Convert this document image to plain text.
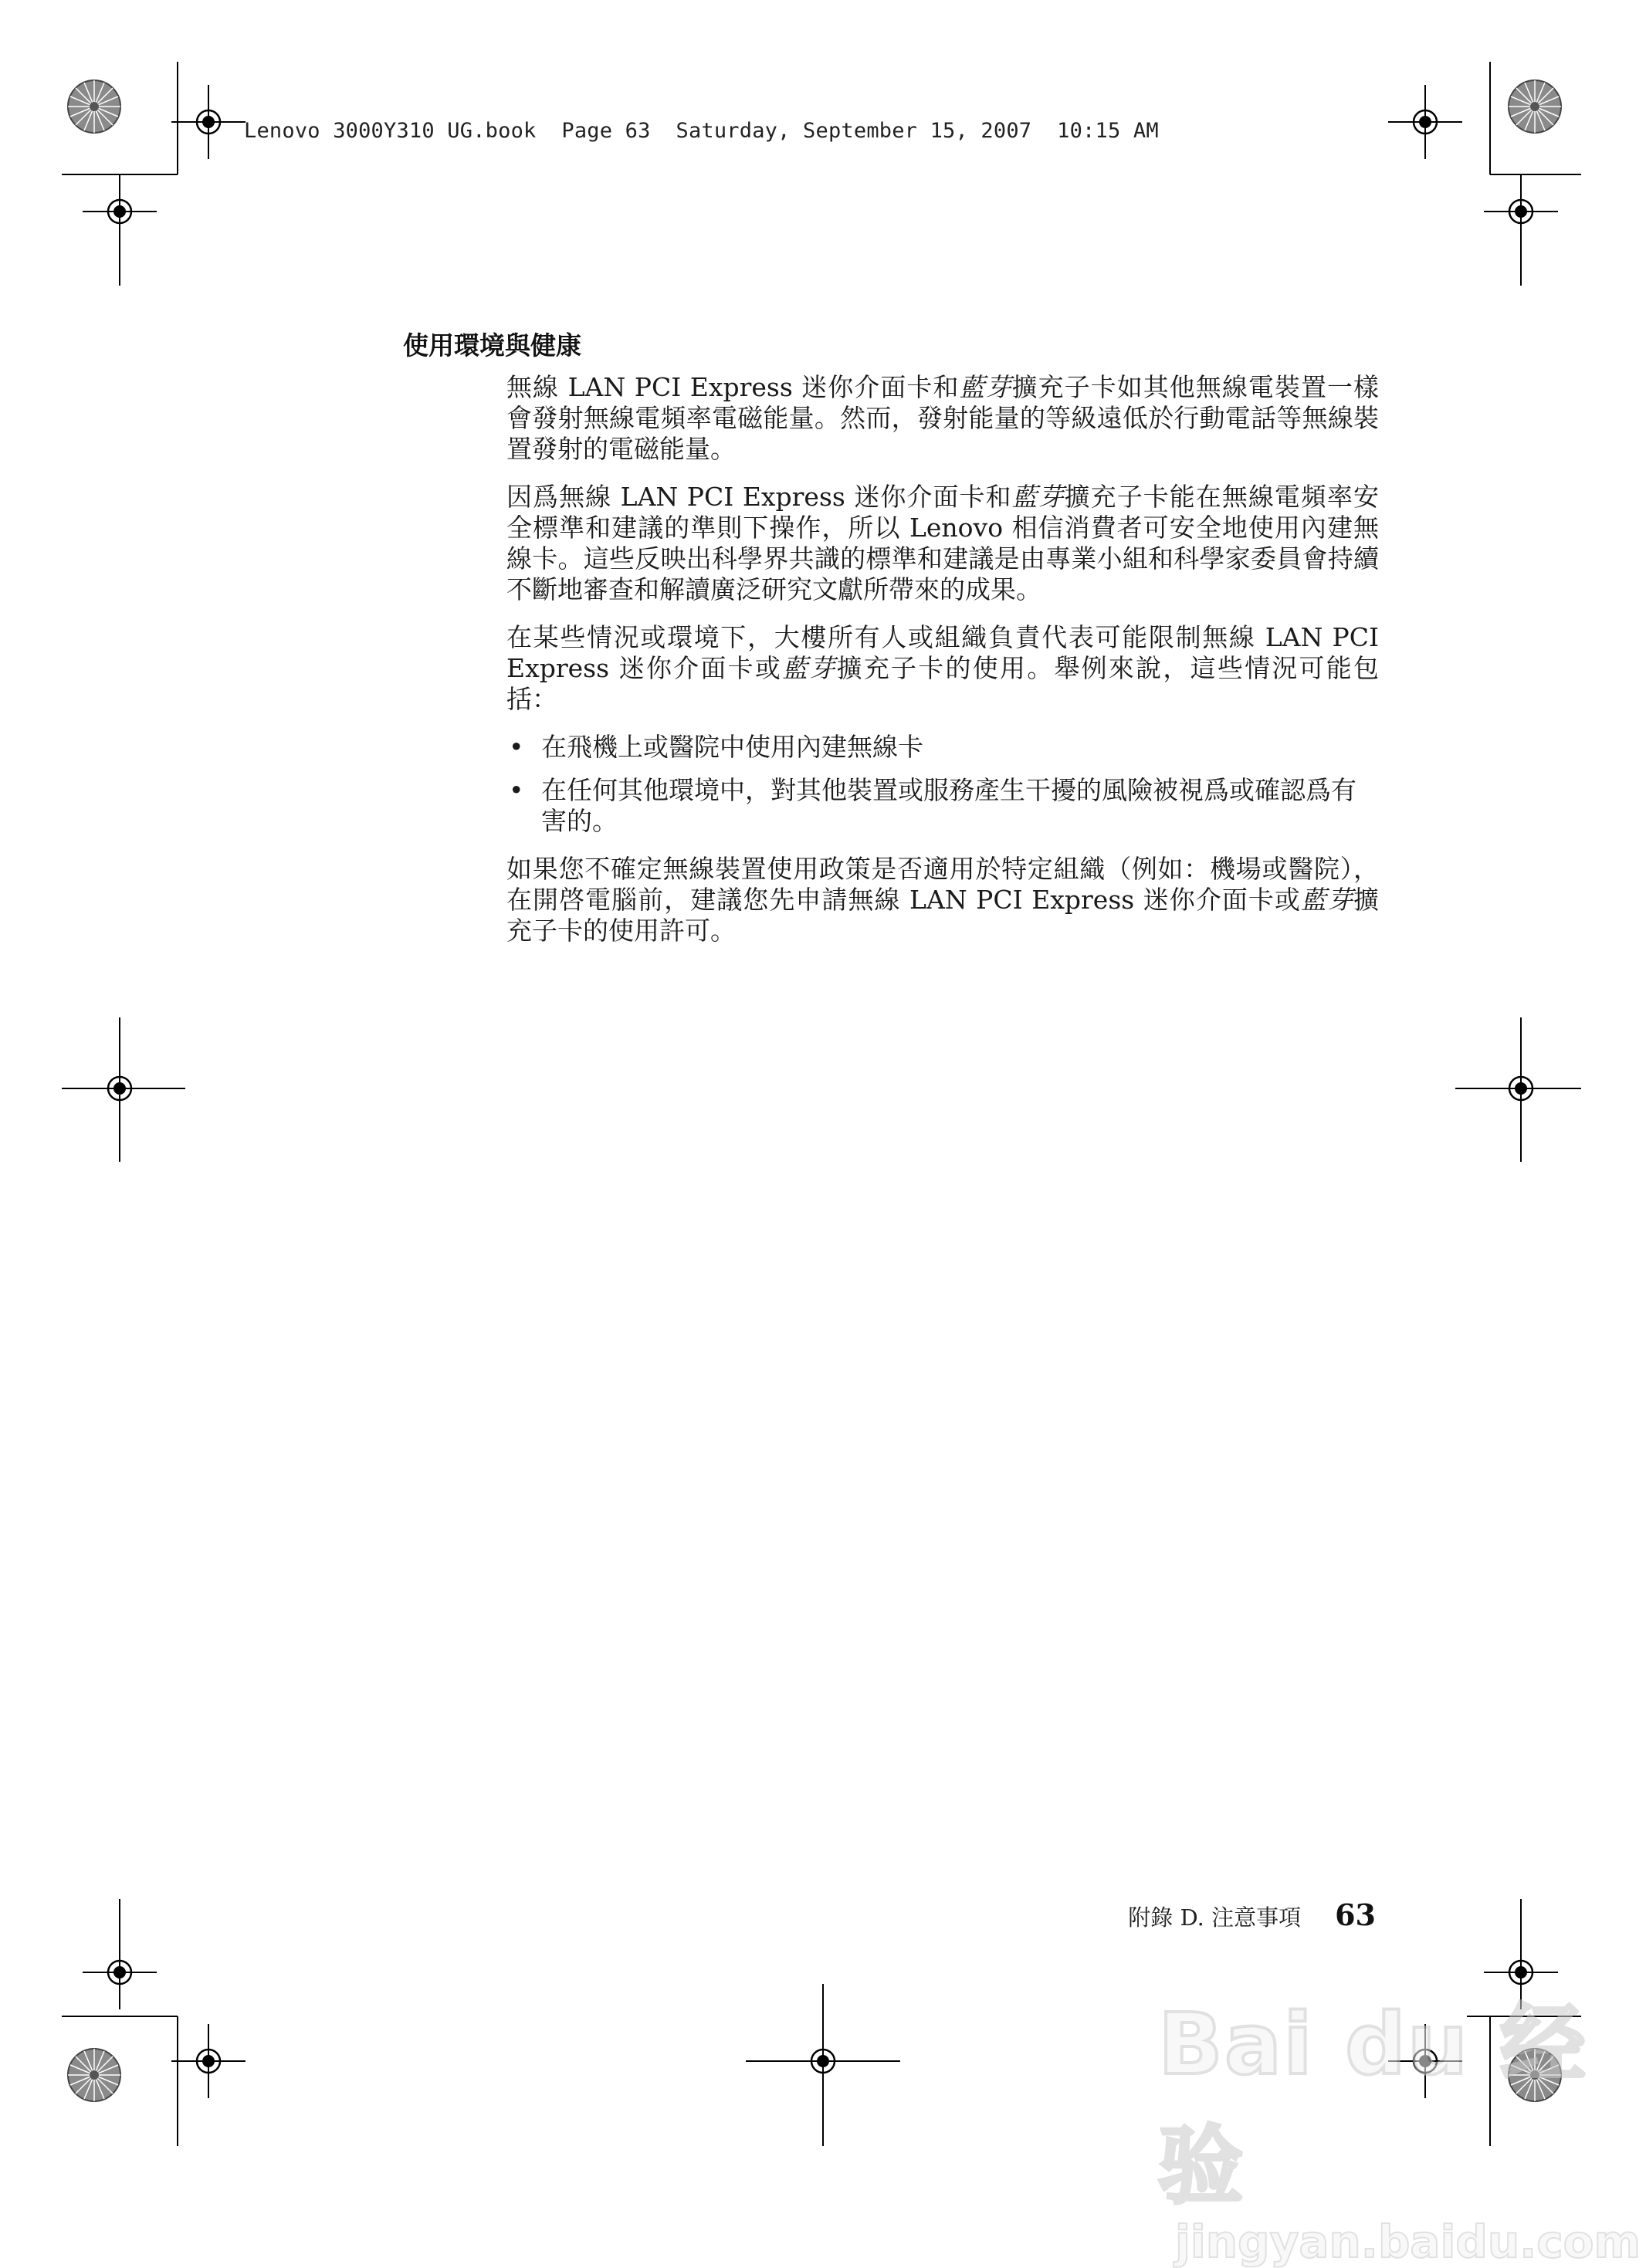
Lenovo 3000Y310 UG.book  Page 63  Saturday, September 15, 2007  10:15 AM
使用環境與健康

無線 LAN PCI Express 迷你介面卡和藍芽擴充子卡如其他無線電裝置一樣會發射無線電頻率電磁能量。然而，發射能量的等級遠低於行動電話等無線裝置發射的電磁能量。

因爲無線 LAN PCI Express 迷你介面卡和藍芽擴充子卡能在無線電頻率安全標準和建議的準則下操作，所以 Lenovo 相信消費者可安全地使用內建無線卡。這些反映出科學界共識的標準和建議是由專業小組和科學家委員會持續不斷地審查和解讀廣泛研究文獻所帶來的成果。

在某些情況或環境下，大樓所有人或組織負責代表可能限制無線 LAN PCI Express 迷你介面卡或藍芽擴充子卡的使用。舉例來說，這些情況可能包括：

• 在飛機上或醫院中使用內建無線卡
• 在任何其他環境中，對其他裝置或服務產生干擾的風險被視爲或確認爲有害的。

如果您不確定無線裝置使用政策是否適用於特定組織（例如：機場或醫院），在開啓電腦前，建議您先申請無線 LAN PCI Express 迷你介面卡或藍芽擴充子卡的使用許可。

附錄 D. 注意事項 63
Bai du 经验
jingyan.baidu.com
